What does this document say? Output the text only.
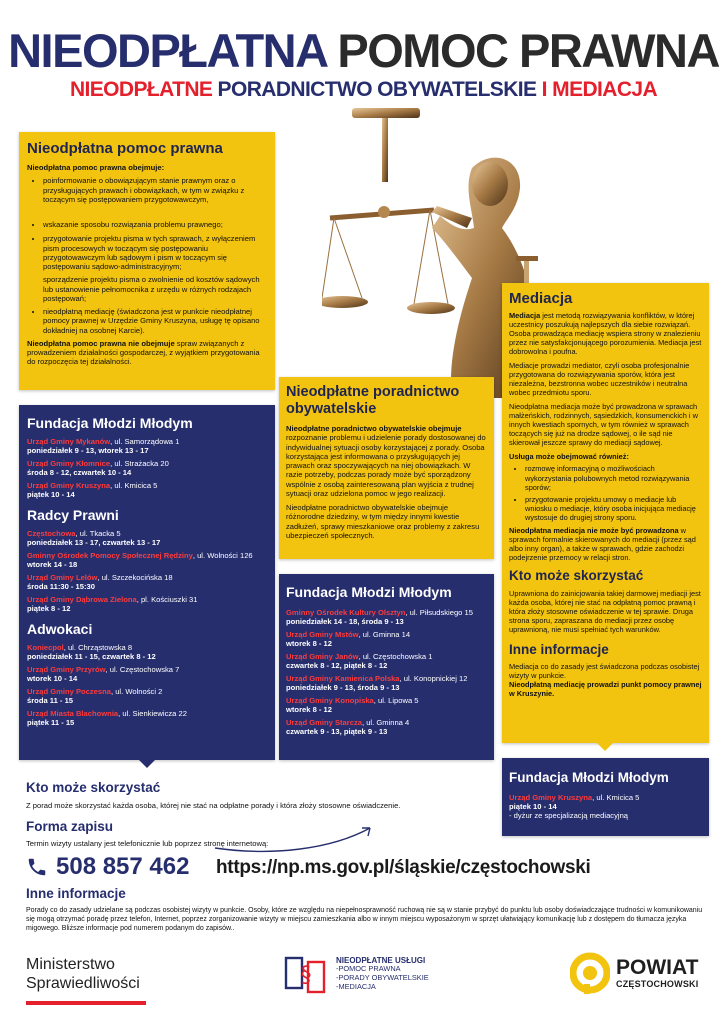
NIEODPŁATNA POMOC PRAWNA
NIEODPŁATNE PORADNICTWO OBYWATELSKIE I MEDIACJA
Nieodpłatna pomoc prawna

Nieodpłatna pomoc prawna obejmuje:

• poinformowanie o obowiązującym stanie prawnym oraz o przysługujących prawach i obowiązkach, w tym w związku z toczącym się postępowaniem przygotowawczym,
• wskazanie sposobu rozwiązania problemu prawnego;
• przygotowanie projektu pisma w tych sprawach, z wyłączeniem pism procesowych w toczącym się postępowaniu przygotowawczym lub sądowym i pism w toczącym się postępowaniu sądowo-administracyjnym;

sporządzenie projektu pisma o zwolnienie od kosztów sądowych lub ustanowienie pełnomocnika z urzędu w różnych rodzajach postępowań;

• nieodpłatną mediację (świadczona jest w punkcie nieodpłatnej pomocy prawnej w Urzędzie Gminy Kruszyna, usługę tę opisano dokładniej na osobnej Karcie).

Nieodpłatna pomoc prawna nie obejmuje spraw związanych z prowadzeniem działalności gospodarczej, z wyjątkiem przygotowania do rozpoczęcia tej działalności.

Fundacja Młodzi Młodym
Urząd Gminy Mykanów, ul. Samorządowa 1
poniedziałek 9 - 13, wtorek 13 - 17
Urząd Gminy Kłomnice, ul. Strażacka 20
środa 8 - 12, czwartek 10 - 14
Urząd Gminy Kruszyna, ul. Kmicica 5
piątek 10 - 14
Radcy Prawni
Częstochowa, ul. Tkacka 5
poniedziałek 13 - 17, czwartek 13 - 17
Gminny Ośrodek Pomocy Społecznej Rędziny, ul. Wolności 126
wtorek 14 - 18
Urząd Gminy Lelów, ul. Szczekocińska 18
środa 11:30 - 15:30
Urząd Gminy Dąbrowa Zielona, pl. Kościuszki 31
piątek 8 - 12
Adwokaci
Koniecpol, ul. Chrząstowska 8
poniedziałek 11 - 15, czwartek 8 - 12
Urząd Gminy Przyrów, ul. Częstochowska 7
wtorek 10 - 14
Urząd Gminy Poczesna, ul. Wolności 2
środa 11 - 15
Urząd Miasta Blachownia, ul. Sienkiewicza 22
piątek 11 - 15
Nieodpłatne poradnictwo obywatelskie

Nieodpłatne poradnictwo obywatelskie obejmuje rozpoznanie problemu i udzielenie porady dostosowanej do indywidualnej sytuacji osoby korzystającej z porady. Osoba korzystająca jest informowana o przysługujących jej prawach oraz spoczywających na niej obowiązkach. W razie potrzeby, podczas porady może być sporządzony wspólnie z osobą zainteresowaną plan wyjścia z trudnej sytuacji oraz udzielona pomoc w jego realizacji.

Nieodpłatne poradnictwo obywatelskie obejmuje różnorodne dziedziny, w tym między innymi kwestie zadłużeń, sprawy mieszkaniowe oraz problemy z zakresu ubezpieczeń społecznych.

Fundacja Młodzi Młodym
Gminny Ośrodek Kultury Olsztyn, ul. Piłsudskiego 15
poniedziałek 14 - 18, środa 9 - 13
Urząd Gminy Mstów, ul. Gminna 14
wtorek 8 - 12
Urząd Gminy Janów, ul. Częstochowska 1
czwartek 8 - 12, piątek 8 - 12
Urząd Gminy Kamienica Polska, ul. Konopnickiej 12
poniedziałek 9 - 13, środa 9 - 13
Urząd Gminy Konopiska, ul. Lipowa 5
wtorek 8 - 12
Urząd Gminy Starcza, ul. Gminna 4
czwartek 9 - 13, piątek 9 - 13
Mediacja

Mediacja jest metodą rozwiązywania konfliktów, w której uczestnicy poszukują najlepszych dla siebie rozwiązań. Osoba prowadząca mediację wspiera strony w znalezieniu przez nie satysfakcjonującego porozumienia. Mediacja jest dobrowolna i poufna.

Mediacje prowadzi mediator, czyli osoba profesjonalnie przygotowana do rozwiązywania sporów, która jest niezależna, bezstronna wobec uczestników i neutralna wobec przedmiotu sporu.

Nieodpłatna mediacja może być prowadzona w sprawach małżeńskich, rodzinnych, sąsiedzkich, konsumenckich i w innych kwestiach spornych, w tym również w sprawach toczących się już na drodze sądowej, o ile sąd nie skierował jeszcze sprawy do mediacji sądowej.

Usługa może obejmować również:

• rozmowę informacyjną o możliwościach wykorzystania polubownych metod rozwiązywania sporów;
• przygotowanie projektu umowy o mediacje lub wniosku o mediacje, który osoba inicjująca mediację wystosuje do drugiej strony sporu.

Nieodpłatna mediacja nie może być prowadzona w sprawach formalnie skierowanych do mediacji (przez sąd albo inny organ), a także w sprawach, gdzie zachodzi podejrzenie przemocy w relacji stron.

Kto może skorzystać

Uprawniona do zainicjowania takiej darmowej mediacji jest każda osoba, której nie stać na odpłatną pomoc prawną i która złoży stosowne oświadczenie w tej sprawie. Druga strona sporu, zapraszana do mediacji przez osobę uprawnioną, nie musi spełniać tych warunków.

Inne informacje

Mediacja co do zasady jest świadczona podczas osobistej wizyty w punkcie.
Nieodpłatną mediację prowadzi punkt pomocy prawnej w Kruszynie.

Fundacja Młodzi Młodym
Urząd Gminy Kruszyna, ul. Kmicica 5
piątek 10 - 14
- dyżur ze specjalizacją mediacyjną
Kto może skorzystać
Z porad może skorzystać każda osoba, której nie stać na odpłatne porady i która złoży stosowne oświadczenie.
Forma zapisu
Termin wizyty ustalany jest telefonicznie lub poprzez stronę internetową:
508 857 462 https://np.ms.gov.pl/śląskie/częstochowski
Inne informacje
Porady co do zasady udzielane są podczas osobistej wizyty w punkcie. Osoby, które ze względu na niepełnosprawność ruchową nie są w stanie przybyć do punktu lub osoby doświadczające trudności w komunikowaniu się mogą otrzymać poradę przez telefon, Internet, poprzez zorganizowanie wizyty w miejscu zamieszkania albo w innym miejscu wyposażonym w sprzęt ułatwiający komunikację lub z dostępem do tłumacza języka migowego. Bliższe informacje pod numerem podanym do zapisów..
Ministerstwo
Sprawiedliwości	§
NIEODPŁATNE USŁUGI
-POMOC PRAWNA
-PORADY OBYWATELSKIE
-MEDIACJA
POWIAT
CZĘSTOCHOWSKI
